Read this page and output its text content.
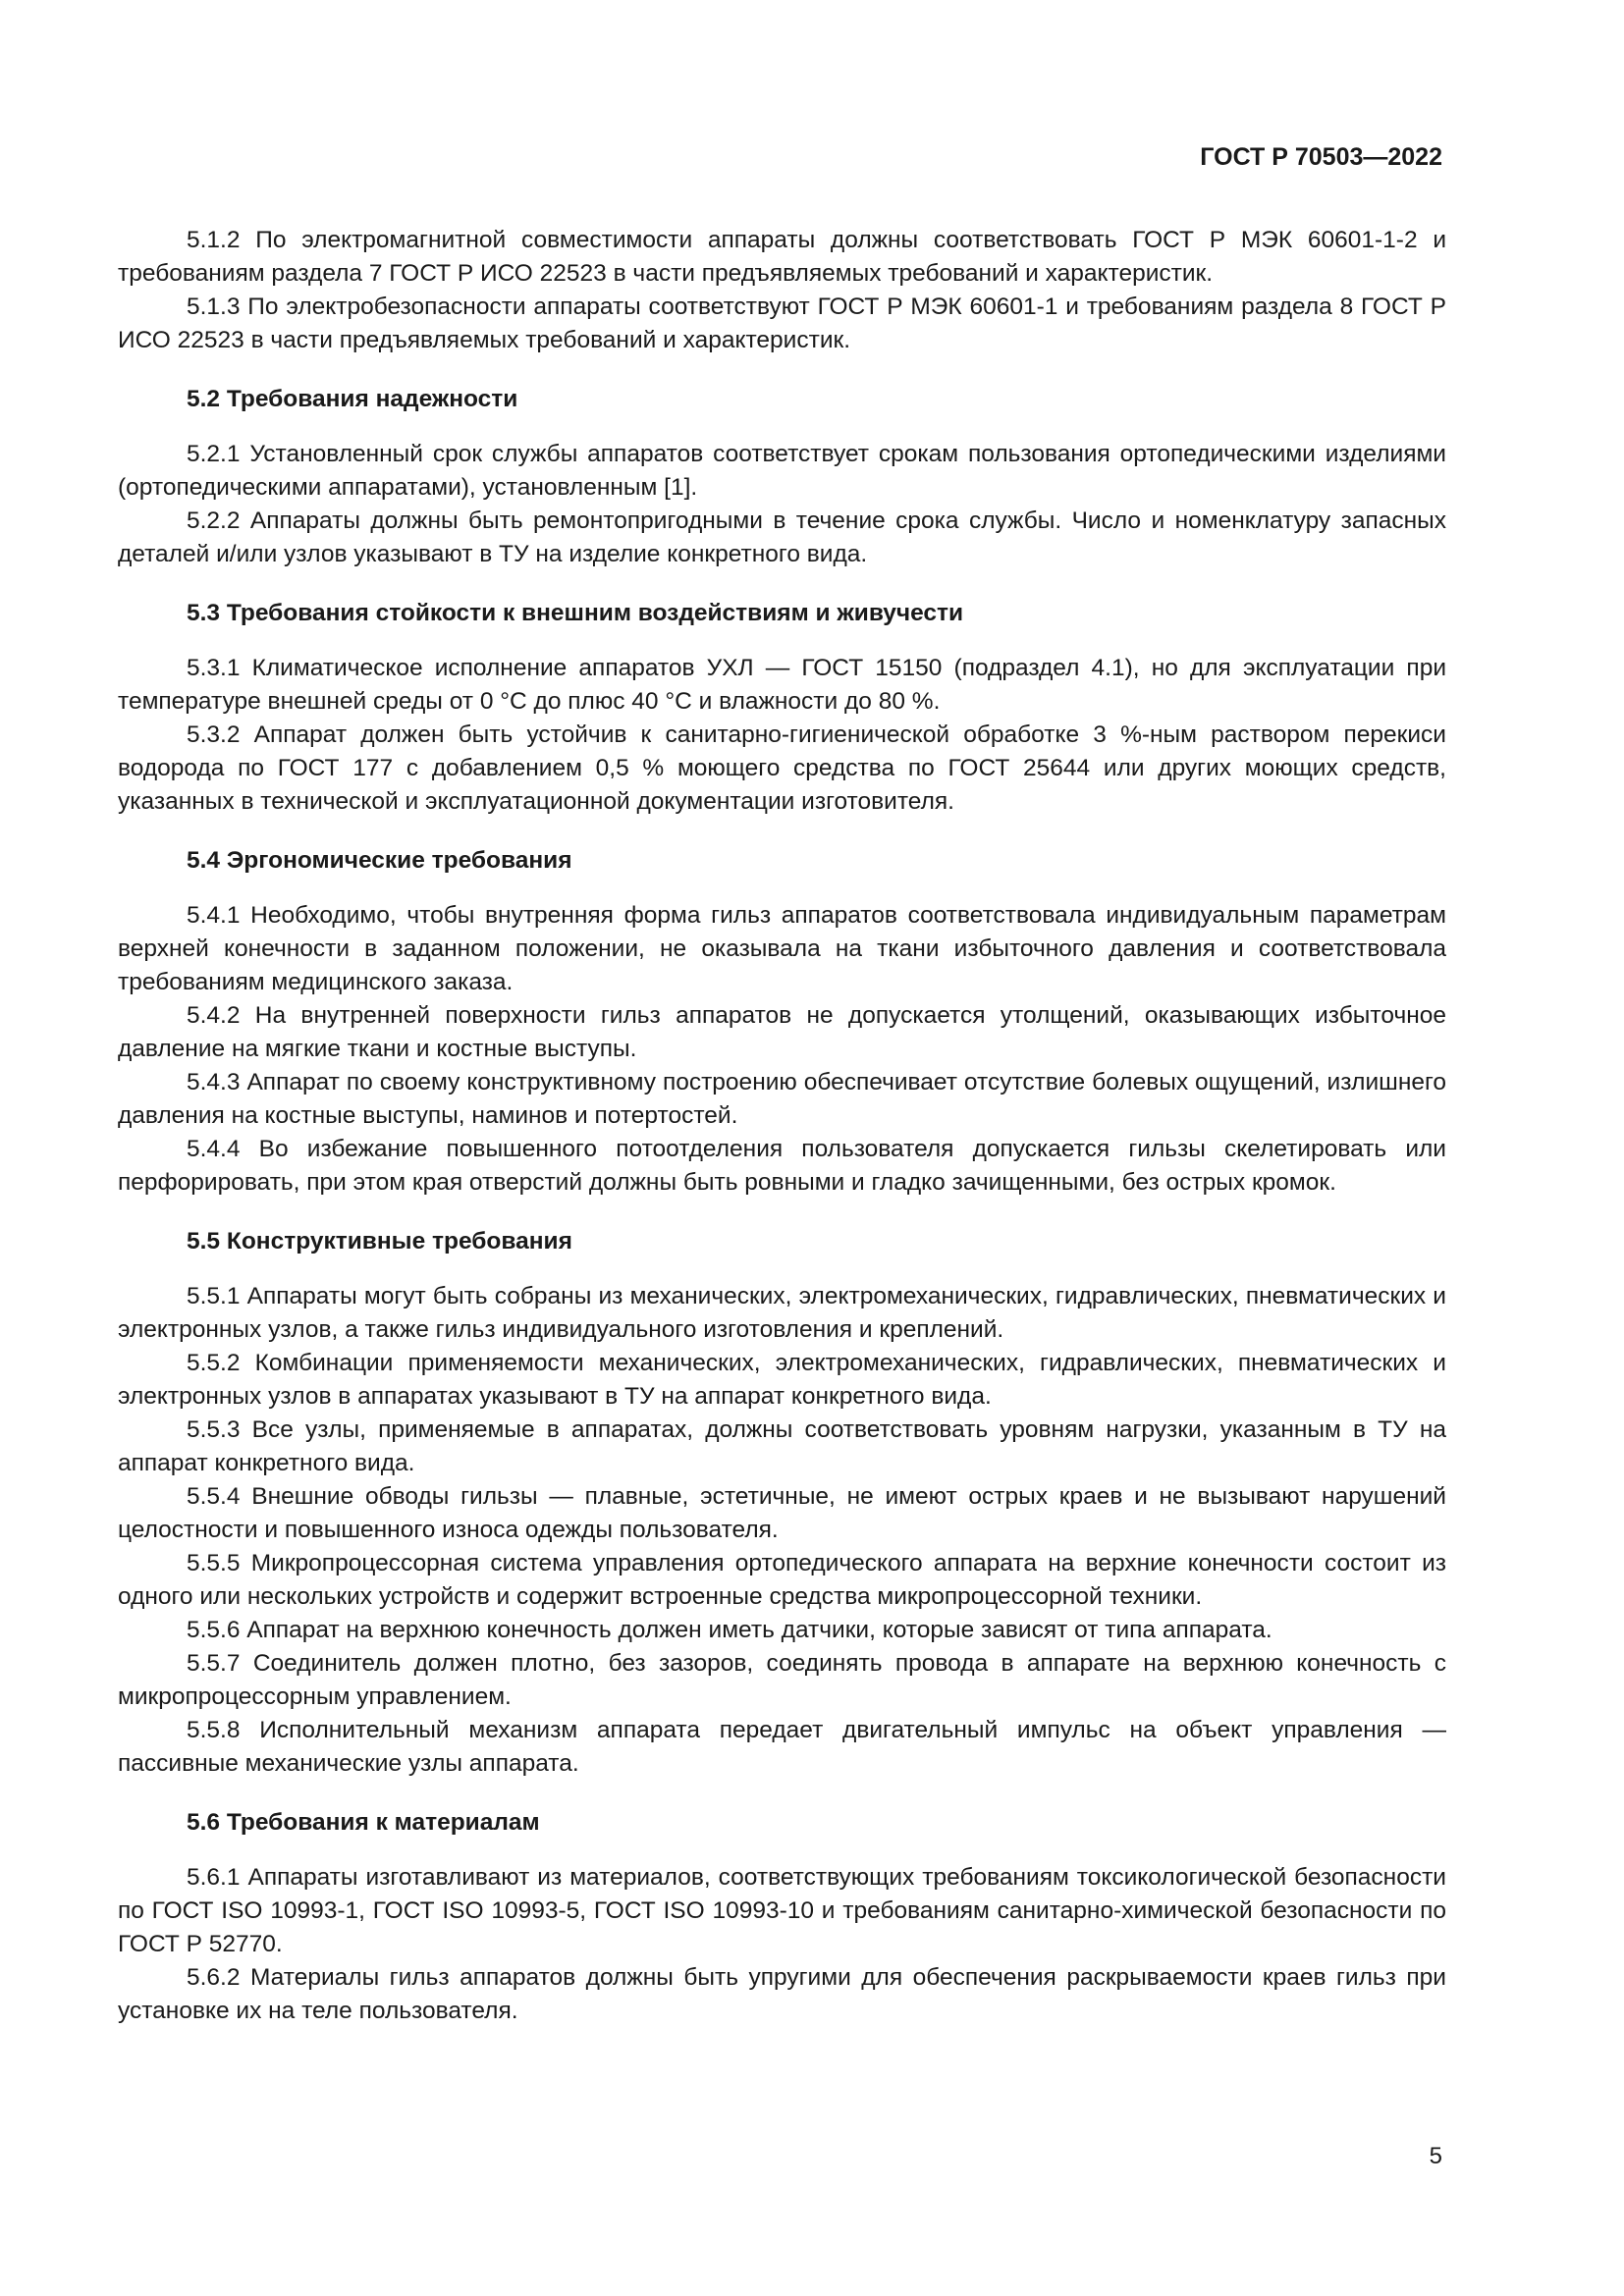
ГОСТ Р 70503—2022

5.1.2 По электромагнитной совместимости аппараты должны соответствовать ГОСТ Р МЭК 60601-1-2 и требованиям раздела 7 ГОСТ Р ИСО 22523 в части предъявляемых требований и характеристик.

5.1.3 По электробезопасности аппараты соответствуют ГОСТ Р МЭК 60601-1 и требованиям раздела 8 ГОСТ Р ИСО 22523 в части предъявляемых требований и характеристик.

5.2 Требования надежности

5.2.1 Установленный срок службы аппаратов соответствует срокам пользования ортопедическими изделиями (ортопедическими аппаратами), установленным [1].

5.2.2 Аппараты должны быть ремонтопригодными в течение срока службы. Число и номенклатуру запасных деталей и/или узлов указывают в ТУ на изделие конкретного вида.

5.3 Требования стойкости к внешним воздействиям и живучести

5.3.1 Климатическое исполнение аппаратов УХЛ — ГОСТ 15150 (подраздел 4.1), но для эксплуатации при температуре внешней среды от 0 °С до плюс 40 °С и влажности до 80 %.

5.3.2 Аппарат должен быть устойчив к санитарно-гигиенической обработке 3 %-ным раствором перекиси водорода по ГОСТ 177 с добавлением 0,5 % моющего средства по ГОСТ 25644 или других моющих средств, указанных в технической и эксплуатационной документации изготовителя.

5.4 Эргономические требования

5.4.1 Необходимо, чтобы внутренняя форма гильз аппаратов соответствовала индивидуальным параметрам верхней конечности в заданном положении, не оказывала на ткани избыточного давления и соответствовала требованиям медицинского заказа.

5.4.2 На внутренней поверхности гильз аппаратов не допускается утолщений, оказывающих избыточное давление на мягкие ткани и костные выступы.

5.4.3 Аппарат по своему конструктивному построению обеспечивает отсутствие болевых ощущений, излишнего давления на костные выступы, наминов и потертостей.

5.4.4 Во избежание повышенного потоотделения пользователя допускается гильзы скелетировать или перфорировать, при этом края отверстий должны быть ровными и гладко зачищенными, без острых кромок.

5.5 Конструктивные требования

5.5.1 Аппараты могут быть собраны из механических, электромеханических, гидравлических, пневматических и электронных узлов, а также гильз индивидуального изготовления и креплений.

5.5.2 Комбинации применяемости механических, электромеханических, гидравлических, пневматических и электронных узлов в аппаратах указывают в ТУ на аппарат конкретного вида.

5.5.3 Все узлы, применяемые в аппаратах, должны соответствовать уровням нагрузки, указанным в ТУ на аппарат конкретного вида.

5.5.4 Внешние обводы гильзы — плавные, эстетичные, не имеют острых краев и не вызывают нарушений целостности и повышенного износа одежды пользователя.

5.5.5 Микропроцессорная система управления ортопедического аппарата на верхние конечности состоит из одного или нескольких устройств и содержит встроенные средства микропроцессорной техники.

5.5.6 Аппарат на верхнюю конечность должен иметь датчики, которые зависят от типа аппарата.

5.5.7 Соединитель должен плотно, без зазоров, соединять провода в аппарате на верхнюю конечность с микропроцессорным управлением.

5.5.8 Исполнительный механизм аппарата передает двигательный импульс на объект управления — пассивные механические узлы аппарата.

5.6 Требования к материалам

5.6.1 Аппараты изготавливают из материалов, соответствующих требованиям токсикологической безопасности по ГОСТ ISO 10993-1, ГОСТ ISO 10993-5, ГОСТ ISO 10993-10 и требованиям санитарно-химической безопасности по ГОСТ Р 52770.

5.6.2 Материалы гильз аппаратов должны быть упругими для обеспечения раскрываемости краев гильз при установке их на теле пользователя.

5
